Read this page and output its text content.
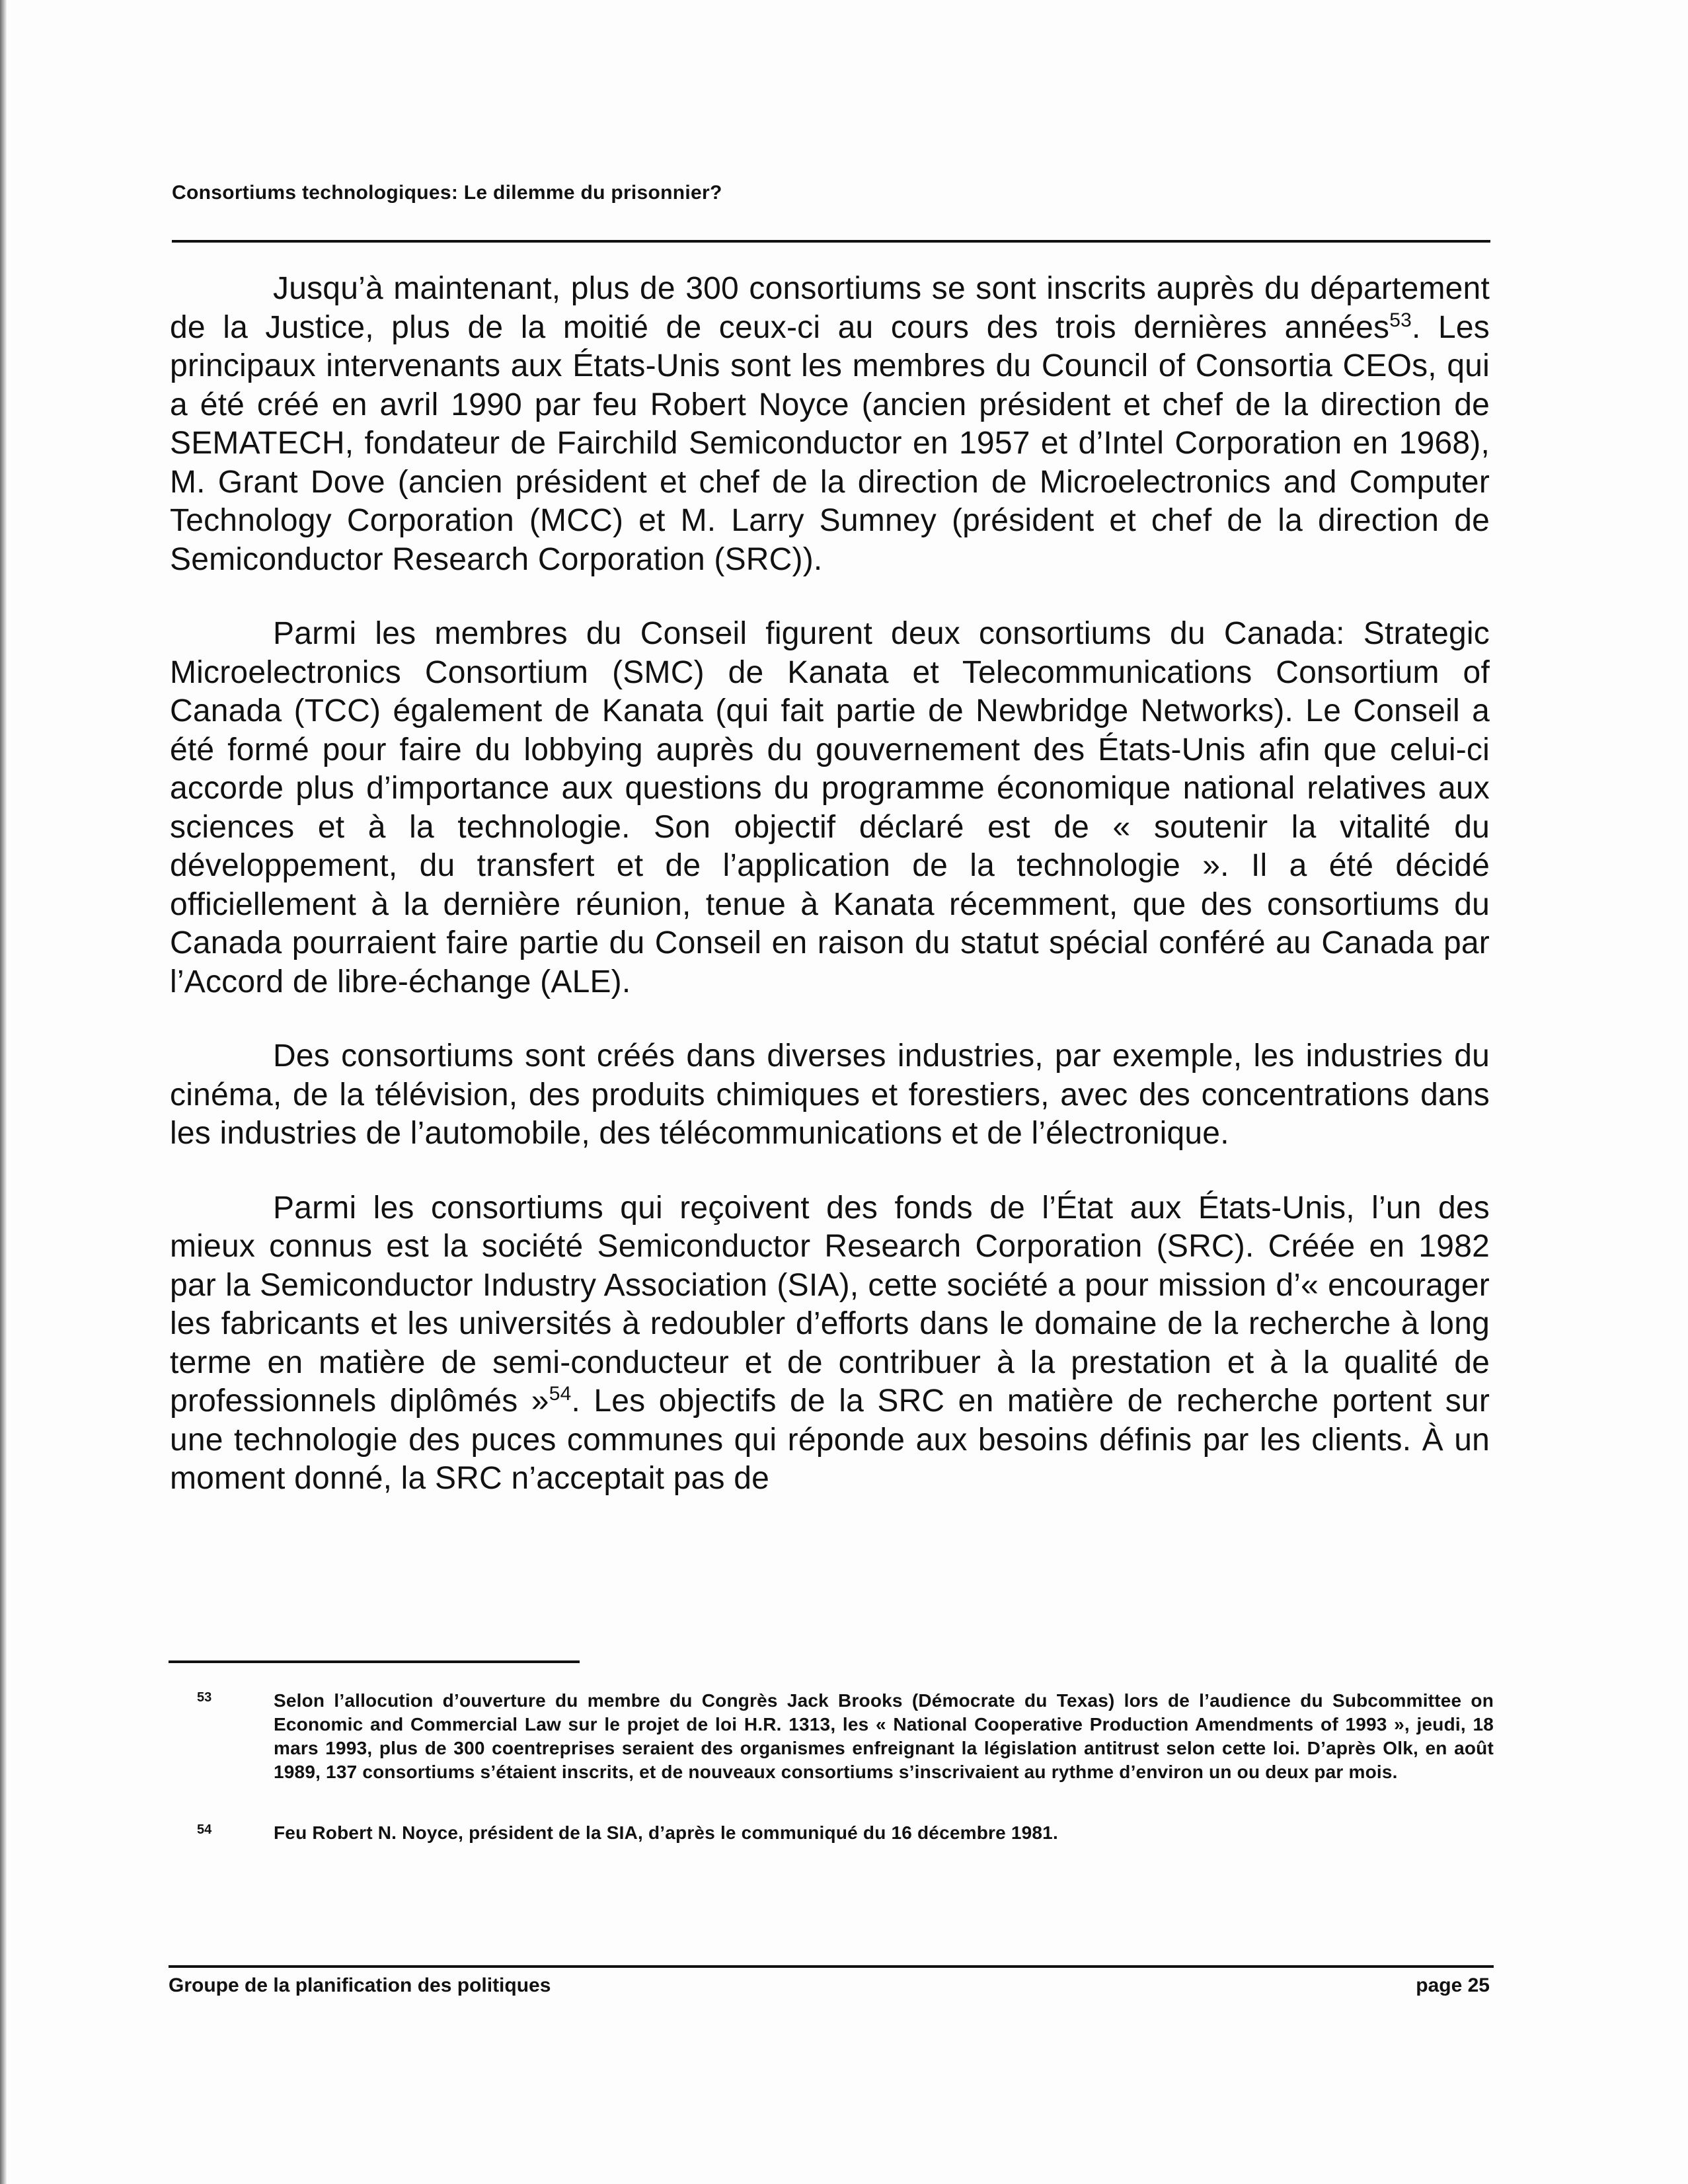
Consortiums technologiques: Le dilemme du prisonnier?

Jusqu’à maintenant, plus de 300 consortiums se sont inscrits auprès du département de la Justice, plus de la moitié de ceux-ci au cours des trois dernières années$^{53}$. Les principaux intervenants aux États-Unis sont les membres du Council of Consortia CEOs, qui a été créé en avril 1990 par feu Robert Noyce (ancien président et chef de la direction de SEMATECH, fondateur de Fairchild Semiconductor en 1957 et d’Intel Corporation en 1968), M. Grant Dove (ancien président et chef de la direction de Microelectronics and Computer Technology Corporation (MCC) et M. Larry Sumney (président et chef de la direction de Semiconductor Research Corporation (SRC)).

Parmi les membres du Conseil figurent deux consortiums du Canada: Strategic Microelectronics Consortium (SMC) de Kanata et Telecommunications Consortium of Canada (TCC) également de Kanata (qui fait partie de Newbridge Networks). Le Conseil a été formé pour faire du lobbying auprès du gouvernement des États-Unis afin que celui-ci accorde plus d’importance aux questions du programme économique national relatives aux sciences et à la technologie. Son objectif déclaré est de « soutenir la vitalité du développement, du transfert et de l’application de la technologie ». Il a été décidé officiellement à la dernière réunion, tenue à Kanata récemment, que des consortiums du Canada pourraient faire partie du Conseil en raison du statut spécial conféré au Canada par l’Accord de libre-échange (ALE).

Des consortiums sont créés dans diverses industries, par exemple, les industries du cinéma, de la télévision, des produits chimiques et forestiers, avec des concentrations dans les industries de l’automobile, des télécommunications et de l’électronique.

Parmi les consortiums qui reçoivent des fonds de l’État aux États-Unis, l’un des mieux connus est la société Semiconductor Research Corporation (SRC). Créée en 1982 par la Semiconductor Industry Association (SIA), cette société a pour mission d’« encourager les fabricants et les universités à redoubler d’efforts dans le domaine de la recherche à long terme en matière de semi-conducteur et de contribuer à la prestation et à la qualité de professionnels diplômés »$^{54}$. Les objectifs de la SRC en matière de recherche portent sur une technologie des puces communes qui réponde aux besoins définis par les clients. À un moment donné, la SRC n’acceptait pas de

53	Selon l’allocution d’ouverture du membre du Congrès Jack Brooks (Démocrate du Texas) lors de l’audience du Subcommittee on Economic and Commercial Law sur le projet de loi H.R. 1313, les « National Cooperative Production Amendments of 1993 », jeudi, 18 mars 1993, plus de 300 coentreprises seraient des organismes enfreignant la législation antitrust selon cette loi. D’après Olk, en août 1989, 137 consortiums s’étaient inscrits, et de nouveaux consortiums s’inscrivaient au rythme d’environ un ou deux par mois.
54	Feu Robert N. Noyce, président de la SIA, d’après le communiqué du 16 décembre 1981.
Groupe de la planification des politiques	page 25
